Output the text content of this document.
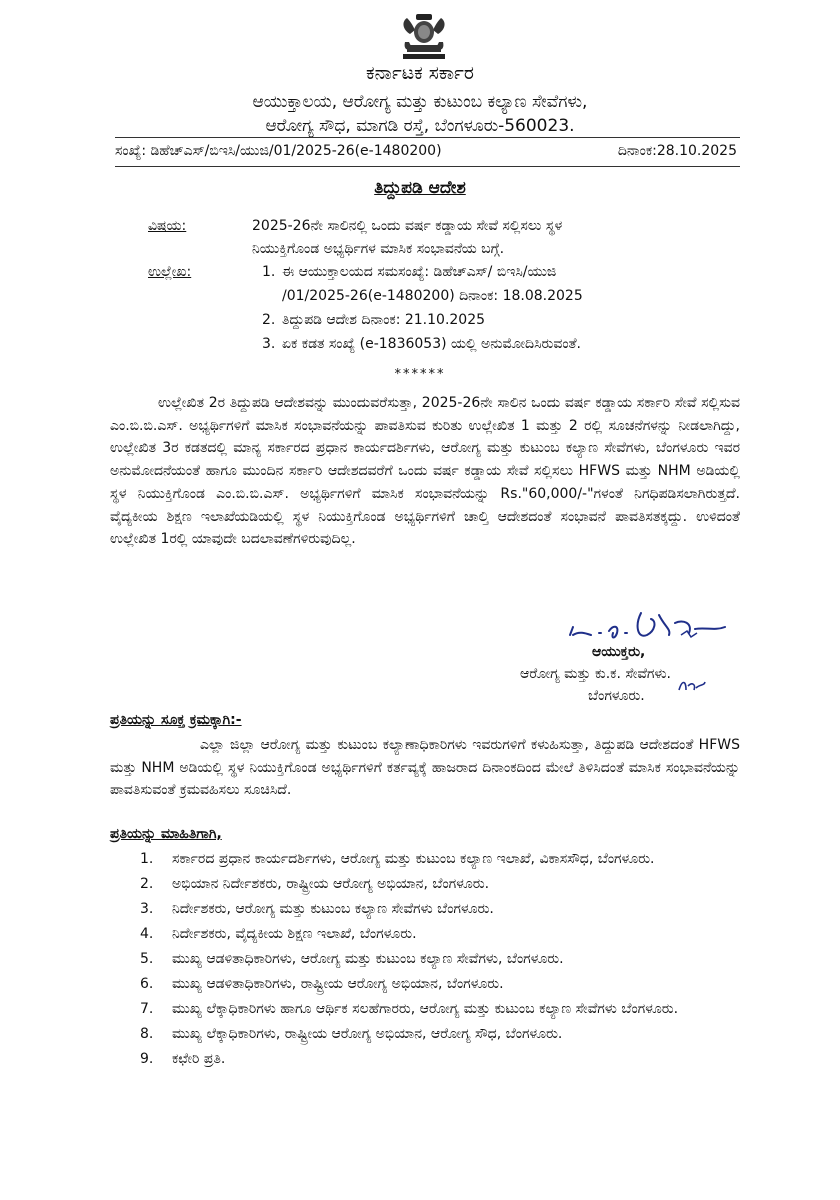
ಕರ್ನಾಟಕ ಸರ್ಕಾರ
ಆಯುಕ್ತಾಲಯ, ಆರೋಗ್ಯ ಮತ್ತು ಕುಟುಂಬ ಕಲ್ಯಾಣ ಸೇವೆಗಳು,
ಆರೋಗ್ಯ ಸೌಧ, ಮಾಗಡಿ ರಸ್ತೆ, ಬೆಂಗಳೂರು-560023.
ಸಂಖ್ಯೆ: ಡಿಹೆಚ್‌ಎಸ್/ಬಿಇಸಿ/ಯುಜಿ/01/2025-26(e-1480200)	ದಿನಾಂಕ:28.10.2025
ತಿದ್ದುಪಡಿ ಆದೇಶ
ವಿಷಯ:	2025-26ನೇ ಸಾಲಿನಲ್ಲಿ ಒಂದು ವರ್ಷ ಕಡ್ಡಾಯ ಸೇವೆ ಸಲ್ಲಿಸಲು ಸ್ಥಳ
ನಿಯುಕ್ತಿಗೊಂಡ ಅಭ್ಯರ್ಥಿಗಳ ಮಾಸಿಕ ಸಂಭಾವನೆಯ ಬಗ್ಗೆ.
ಉಲ್ಲೇಖ:	1. ಈ ಆಯುಕ್ತಾಲಯದ ಸಮಸಂಖ್ಯೆ: ಡಿಹೆಚ್‌ಎಸ್/ ಬಿಇಸಿ/ಯುಜಿ
/01/2025-26(e-1480200) ದಿನಾಂಕ: 18.08.2025
2. ತಿದ್ದುಪಡಿ ಆದೇಶ ದಿನಾಂಕ: 21.10.2025
3. ಏಕ ಕಡತ ಸಂಖ್ಯೆ (e-1836053) ಯಲ್ಲಿ ಅನುಮೋದಿಸಿರುವಂತೆ.
******
ಉಲ್ಲೇಖಿತ 2ರ ತಿದ್ದುಪಡಿ ಆದೇಶವನ್ನು ಮುಂದುವರೆಸುತ್ತಾ, 2025-26ನೇ ಸಾಲಿನ ಒಂದು ವರ್ಷ ಕಡ್ಡಾಯ ಸರ್ಕಾರಿ ಸೇವೆ ಸಲ್ಲಿಸುವ ಎಂ.ಬಿ.ಬಿ.ಎಸ್. ಅಭ್ಯರ್ಥಿಗಳಿಗೆ ಮಾಸಿಕ ಸಂಭಾವನೆಯನ್ನು ಪಾವತಿಸುವ ಕುರಿತು ಉಲ್ಲೇಖಿತ 1 ಮತ್ತು 2 ರಲ್ಲಿ ಸೂಚನೆಗಳನ್ನು ನೀಡಲಾಗಿದ್ದು, ಉಲ್ಲೇಖಿತ 3ರ ಕಡತದಲ್ಲಿ ಮಾನ್ಯ ಸರ್ಕಾರದ ಪ್ರಧಾನ ಕಾರ್ಯದರ್ಶಿಗಳು, ಆರೋಗ್ಯ ಮತ್ತು ಕುಟುಂಬ ಕಲ್ಯಾಣ ಸೇವೆಗಳು, ಬೆಂಗಳೂರು ಇವರ ಅನುಮೋದನೆಯಂತೆ ಹಾಗೂ ಮುಂದಿನ ಸರ್ಕಾರಿ ಆದೇಶದವರೆಗೆ ಒಂದು ವರ್ಷ ಕಡ್ಡಾಯ ಸೇವೆ ಸಲ್ಲಿಸಲು HFWS ಮತ್ತು NHM ಅಡಿಯಲ್ಲಿ ಸ್ಥಳ ನಿಯುಕ್ತಿಗೊಂಡ ಎಂ.ಬಿ.ಬಿ.ಎಸ್. ಅಭ್ಯರ್ಥಿಗಳಿಗೆ ಮಾಸಿಕ ಸಂಭಾವನೆಯನ್ನು Rs."60,000/-"ಗಳಂತೆ ನಿಗಧಿಪಡಿಸಲಾಗಿರುತ್ತದೆ. ವೈದ್ಯಕೀಯ ಶಿಕ್ಷಣ ಇಲಾಖೆಯಡಿಯಲ್ಲಿ ಸ್ಥಳ ನಿಯುಕ್ತಿಗೊಂಡ ಅಭ್ಯರ್ಥಿಗಳಿಗೆ ಚಾಲ್ತಿ ಆದೇಶದಂತೆ ಸಂಭಾವನೆ ಪಾವತಿಸತಕ್ಕದ್ದು. ಉಳಿದಂತೆ ಉಲ್ಲೇಖಿತ 1ರಲ್ಲಿ ಯಾವುದೇ ಬದಲಾವಣೆಗಳಿರುವುದಿಲ್ಲ.
ಆಯುಕ್ತರು,
ಆರೋಗ್ಯ ಮತ್ತು ಕು.ಕ. ಸೇವೆಗಳು.
ಬೆಂಗಳೂರು.
ಪ್ರತಿಯನ್ನು ಸೂಕ್ತ ಕ್ರಮಕ್ಕಾಗಿ:-
ಎಲ್ಲಾ ಜಿಲ್ಲಾ ಆರೋಗ್ಯ ಮತ್ತು ಕುಟುಂಬ ಕಲ್ಯಾಣಾಧಿಕಾರಿಗಳು ಇವರುಗಳಿಗೆ ಕಳುಹಿಸುತ್ತಾ, ತಿದ್ದುಪಡಿ ಆದೇಶದಂತೆ HFWS ಮತ್ತು NHM ಅಡಿಯಲ್ಲಿ ಸ್ಥಳ ನಿಯುಕ್ತಿಗೊಂಡ ಅಭ್ಯರ್ಥಿಗಳಿಗೆ ಕರ್ತವ್ಯಕ್ಕೆ ಹಾಜರಾದ ದಿನಾಂಕದಿಂದ ಮೇಲೆ ತಿಳಿಸಿದಂತೆ ಮಾಸಿಕ ಸಂಭಾವನೆಯನ್ನು ಪಾವತಿಸುವಂತೆ ಕ್ರಮವಹಿಸಲು ಸೂಚಿಸಿದೆ.
ಪ್ರತಿಯನ್ನು ಮಾಹಿತಿಗಾಗಿ,
1.	ಸರ್ಕಾರದ ಪ್ರಧಾನ ಕಾರ್ಯದರ್ಶಿಗಳು, ಆರೋಗ್ಯ ಮತ್ತು ಕುಟುಂಬ ಕಲ್ಯಾಣ ಇಲಾಖೆ, ವಿಕಾಸಸೌಧ, ಬೆಂಗಳೂರು.
2.	ಅಭಿಯಾನ ನಿರ್ದೇಶಕರು, ರಾಷ್ಟ್ರೀಯ ಆರೋಗ್ಯ ಅಭಿಯಾನ, ಬೆಂಗಳೂರು.
3.	ನಿರ್ದೇಶಕರು, ಆರೋಗ್ಯ ಮತ್ತು ಕುಟುಂಬ ಕಲ್ಯಾಣ ಸೇವೆಗಳು ಬೆಂಗಳೂರು.
4.	ನಿರ್ದೇಶಕರು, ವೈದ್ಯಕೀಯ ಶಿಕ್ಷಣ ಇಲಾಖೆ, ಬೆಂಗಳೂರು.
5.	ಮುಖ್ಯ ಆಡಳಿತಾಧಿಕಾರಿಗಳು, ಆರೋಗ್ಯ ಮತ್ತು ಕುಟುಂಬ ಕಲ್ಯಾಣ ಸೇವೆಗಳು, ಬೆಂಗಳೂರು.
6.	ಮುಖ್ಯ ಆಡಳಿತಾಧಿಕಾರಿಗಳು, ರಾಷ್ಟ್ರೀಯ ಆರೋಗ್ಯ ಅಭಿಯಾನ, ಬೆಂಗಳೂರು.
7.	ಮುಖ್ಯ ಲೆಕ್ಕಾಧಿಕಾರಿಗಳು ಹಾಗೂ ಆರ್ಥಿಕ ಸಲಹೆಗಾರರು, ಆರೋಗ್ಯ ಮತ್ತು ಕುಟುಂಬ ಕಲ್ಯಾಣ ಸೇವೆಗಳು ಬೆಂಗಳೂರು.
8.	ಮುಖ್ಯ ಲೆಕ್ಕಾಧಿಕಾರಿಗಳು, ರಾಷ್ಟ್ರೀಯ ಆರೋಗ್ಯ ಅಭಿಯಾನ, ಆರೋಗ್ಯ ಸೌಧ, ಬೆಂಗಳೂರು.
9.	ಕಛೇರಿ ಪ್ರತಿ.
